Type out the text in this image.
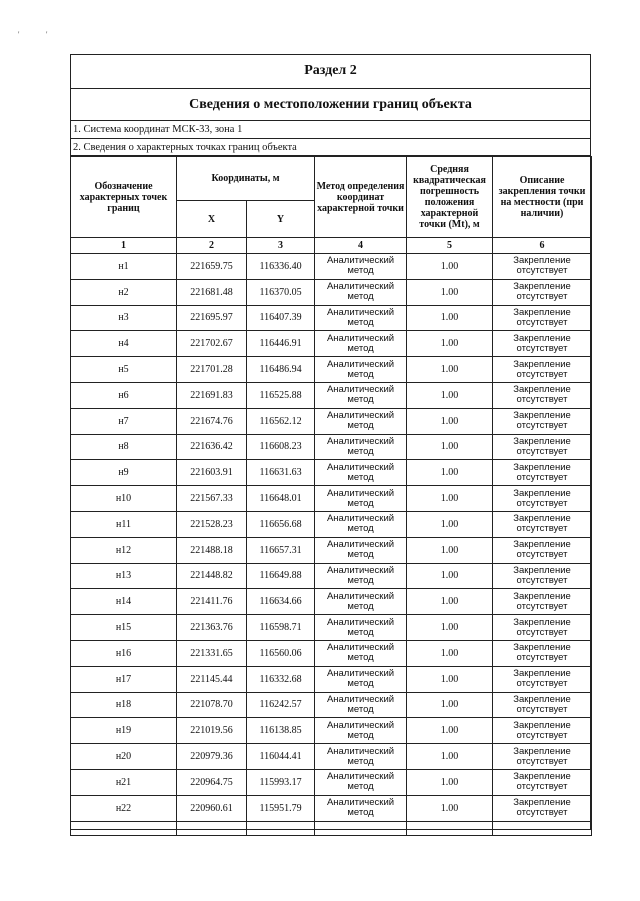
'	'
Раздел 2
Сведения о местоположении границ объекта
1. Система координат МСК-33, зона 1
2. Сведения о характерных точках границ объекта
Обозначение характерных точек границ	Координаты, м		Метод определения координат характерной точки	Средняя квадратическая погрешность положения характерной точки (Mt), м	Описание закрепления точки на местности (при наличии)
	X	Y			
1	2	3	4	5	6
н1	221659.75	116336.40	Аналитический метод	1.00	Закрепление отсутствует
н2	221681.48	116370.05	Аналитический метод	1.00	Закрепление отсутствует
н3	221695.97	116407.39	Аналитический метод	1.00	Закрепление отсутствует
н4	221702.67	116446.91	Аналитический метод	1.00	Закрепление отсутствует
н5	221701.28	116486.94	Аналитический метод	1.00	Закрепление отсутствует
н6	221691.83	116525.88	Аналитический метод	1.00	Закрепление отсутствует
н7	221674.76	116562.12	Аналитический метод	1.00	Закрепление отсутствует
н8	221636.42	116608.23	Аналитический метод	1.00	Закрепление отсутствует
н9	221603.91	116631.63	Аналитический метод	1.00	Закрепление отсутствует
н10	221567.33	116648.01	Аналитический метод	1.00	Закрепление отсутствует
н11	221528.23	116656.68	Аналитический метод	1.00	Закрепление отсутствует
н12	221488.18	116657.31	Аналитический метод	1.00	Закрепление отсутствует
н13	221448.82	116649.88	Аналитический метод	1.00	Закрепление отсутствует
н14	221411.76	116634.66	Аналитический метод	1.00	Закрепление отсутствует
н15	221363.76	116598.71	Аналитический метод	1.00	Закрепление отсутствует
н16	221331.65	116560.06	Аналитический метод	1.00	Закрепление отсутствует
н17	221145.44	116332.68	Аналитический метод	1.00	Закрепление отсутствует
н18	221078.70	116242.57	Аналитический метод	1.00	Закрепление отсутствует
н19	221019.56	116138.85	Аналитический метод	1.00	Закрепление отсутствует
н20	220979.36	116044.41	Аналитический метод	1.00	Закрепление отсутствует
н21	220964.75	115993.17	Аналитический метод	1.00	Закрепление отсутствует
н22	220960.61	115951.79	Аналитический метод	1.00	Закрепление отсутствует
